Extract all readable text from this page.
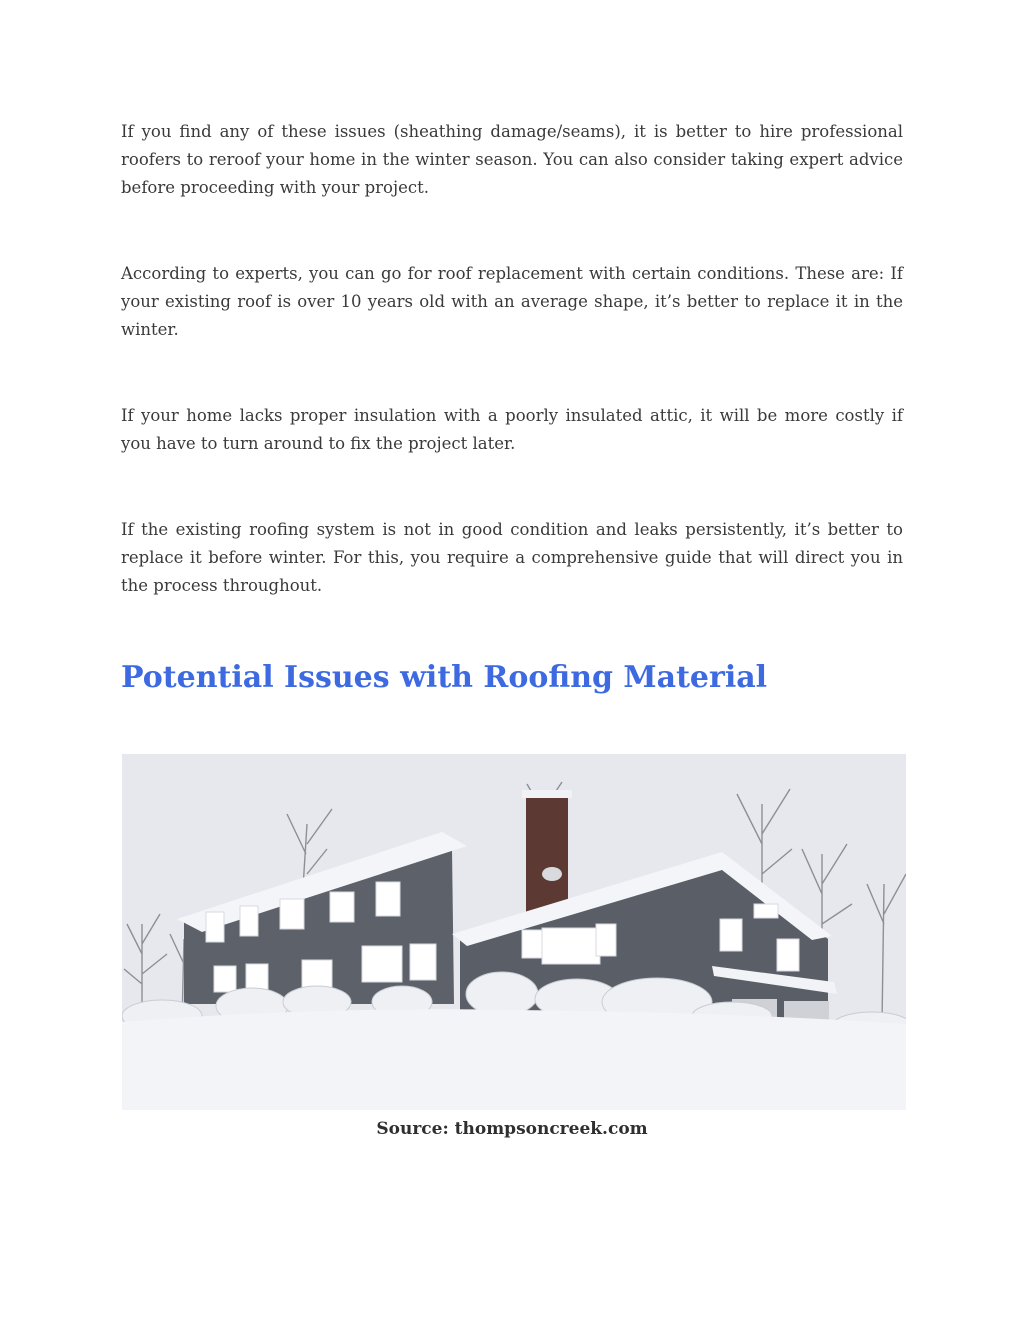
If you find any of these issues (sheathing damage/seams), it is better to hire professional roofers to reroof your home in the winter season. You can also consider taking expert advice before proceeding with your project.

According to experts, you can go for roof replacement with certain conditions. These are: If your existing roof is over 10 years old with an average shape, it’s better to replace it in the winter.

If your home lacks proper insulation with a poorly insulated attic, it will be more costly if you have to turn around to fix the project later.

If the existing roofing system is not in good condition and leaks persistently, it’s better to replace it before winter. For this, you require a comprehensive guide that will direct you in the process throughout.

Potential Issues with Roofing Material

Source: thompsoncreek.com
